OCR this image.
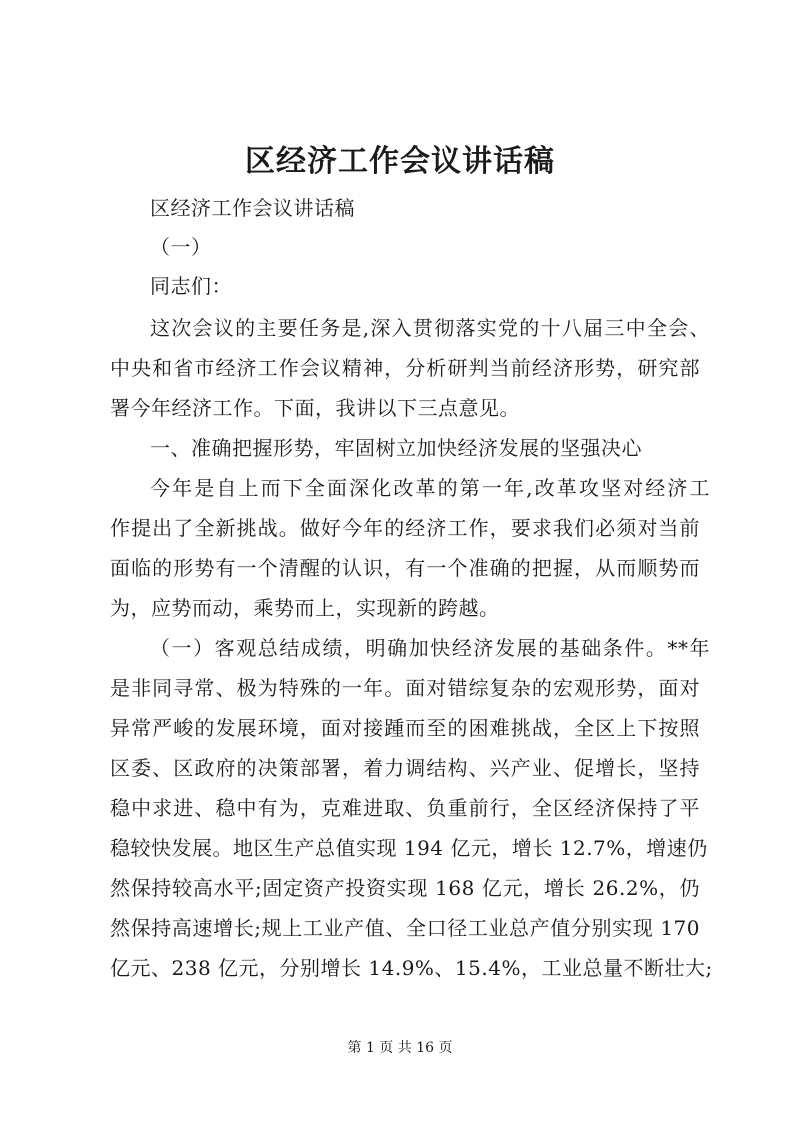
区经济工作会议讲话稿
区经济工作会议讲话稿
（一）
同志们：
这次会议的主要任务是,深入贯彻落实党的十八届三中全会、
中央和省市经济工作会议精神，分析研判当前经济形势，研究部
署今年经济工作。下面，我讲以下三点意见。
一、准确把握形势，牢固树立加快经济发展的坚强决心
今年是自上而下全面深化改革的第一年,改革攻坚对经济工
作提出了全新挑战。做好今年的经济工作，要求我们必须对当前
面临的形势有一个清醒的认识，有一个准确的把握，从而顺势而
为，应势而动，乘势而上，实现新的跨越。
（一）客观总结成绩，明确加快经济发展的基础条件。**年
是非同寻常、极为特殊的一年。面对错综复杂的宏观形势，面对
异常严峻的发展环境，面对接踵而至的困难挑战，全区上下按照
区委、区政府的决策部署，着力调结构、兴产业、促增长，坚持
稳中求进、稳中有为，克难进取、负重前行，全区经济保持了平
稳较快发展。地区生产总值实现 194 亿元，增长 12.7%，增速仍
然保持较高水平;固定资产投资实现 168 亿元，增长 26.2%，仍
然保持高速增长;规上工业产值、全口径工业总产值分别实现 170
亿元、238 亿元，分别增长 14.9%、15.4%，工业总量不断壮大;
第 1 页 共 16 页
